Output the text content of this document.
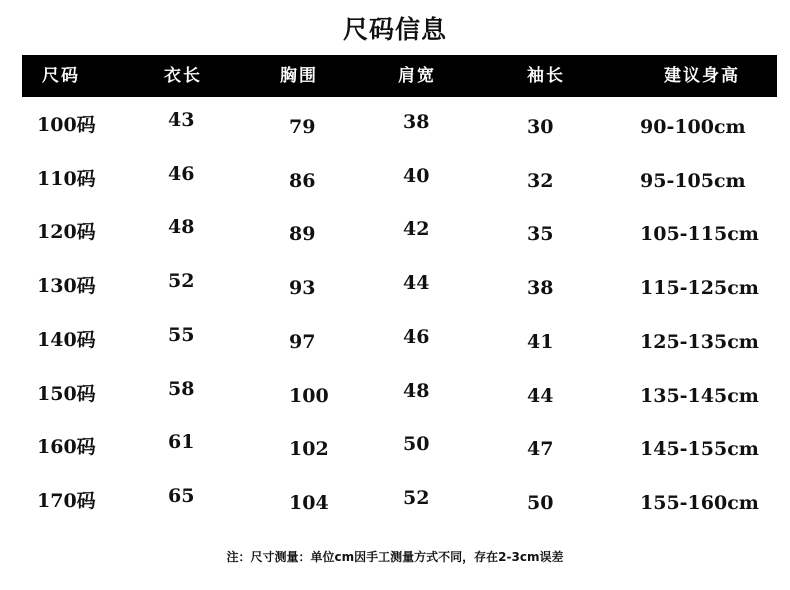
尺码信息
尺码	衣长	胸围	肩宽	袖长	建议身高
100码	43	79	38	30	90-100cm
110码	46	86	40	32	95-105cm
120码	48	89	42	35	105-115cm
130码	52	93	44	38	115-125cm
140码	55	97	46	41	125-135cm
150码	58	100	48	44	135-145cm
160码	61	102	50	47	145-155cm
170码	65	104	52	50	155-160cm
注：尺寸测量：单位cm因手工测量方式不同，存在2-3cm误差
